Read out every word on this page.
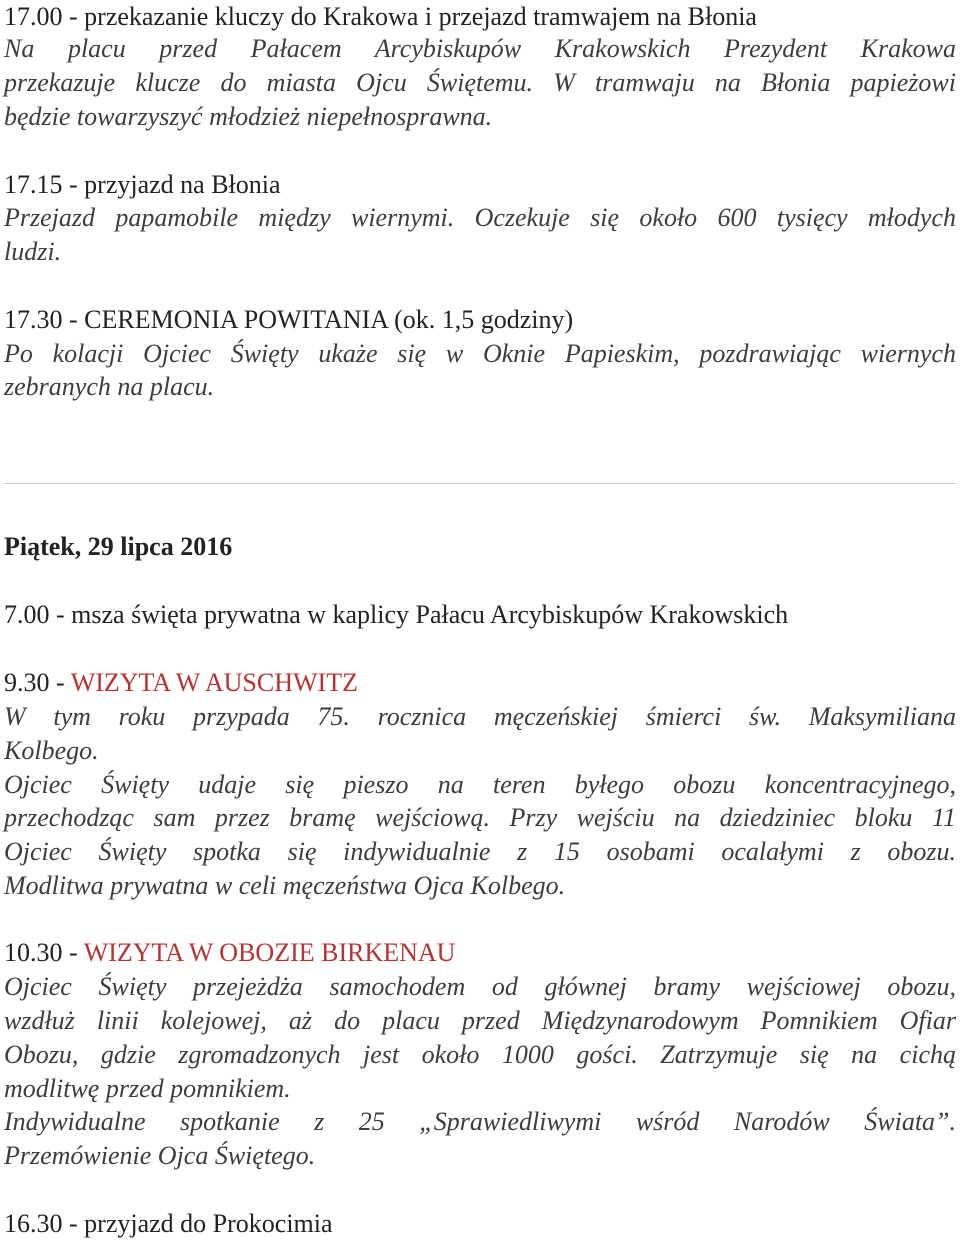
17.00 - przekazanie kluczy do Krakowa i przejazd tramwajem na Błonia
Na placu przed Pałacem Arcybiskupów Krakowskich Prezydent Krakowa
przekazuje klucze do miasta Ojcu Świętemu. W tramwaju na Błonia papieżowi
będzie towarzyszyć młodzież niepełnosprawna.
17.15 - przyjazd na Błonia
Przejazd papamobile między wiernymi. Oczekuje się około 600 tysięcy młodych
ludzi.
17.30 - CEREMONIA POWITANIA (ok. 1,5 godziny)
Po kolacji Ojciec Święty ukaże się w Oknie Papieskim, pozdrawiając wiernych
zebranych na placu.
Piątek, 29 lipca 2016
7.00 - msza święta prywatna w kaplicy Pałacu Arcybiskupów Krakowskich
9.30 - WIZYTA W AUSCHWITZ
W tym roku przypada 75. rocznica męczeńskiej śmierci św. Maksymiliana
Kolbego.
Ojciec Święty udaje się pieszo na teren byłego obozu koncentracyjnego,
przechodząc sam przez bramę wejściową. Przy wejściu na dziedziniec bloku 11
Ojciec Święty spotka się indywidualnie z 15 osobami ocalałymi z obozu.
Modlitwa prywatna w celi męczeństwa Ojca Kolbego.
10.30 - WIZYTA W OBOZIE BIRKENAU
Ojciec Święty przejeżdża samochodem od głównej bramy wejściowej obozu,
wzdłuż linii kolejowej, aż do placu przed Międzynarodowym Pomnikiem Ofiar
Obozu, gdzie zgromadzonych jest około 1000 gości. Zatrzymuje się na cichą
modlitwę przed pomnikiem.
Indywidualne spotkanie z 25 „Sprawiedliwymi wśród Narodów Świata”.
Przemówienie Ojca Świętego.
16.30 - przyjazd do Prokocimia
